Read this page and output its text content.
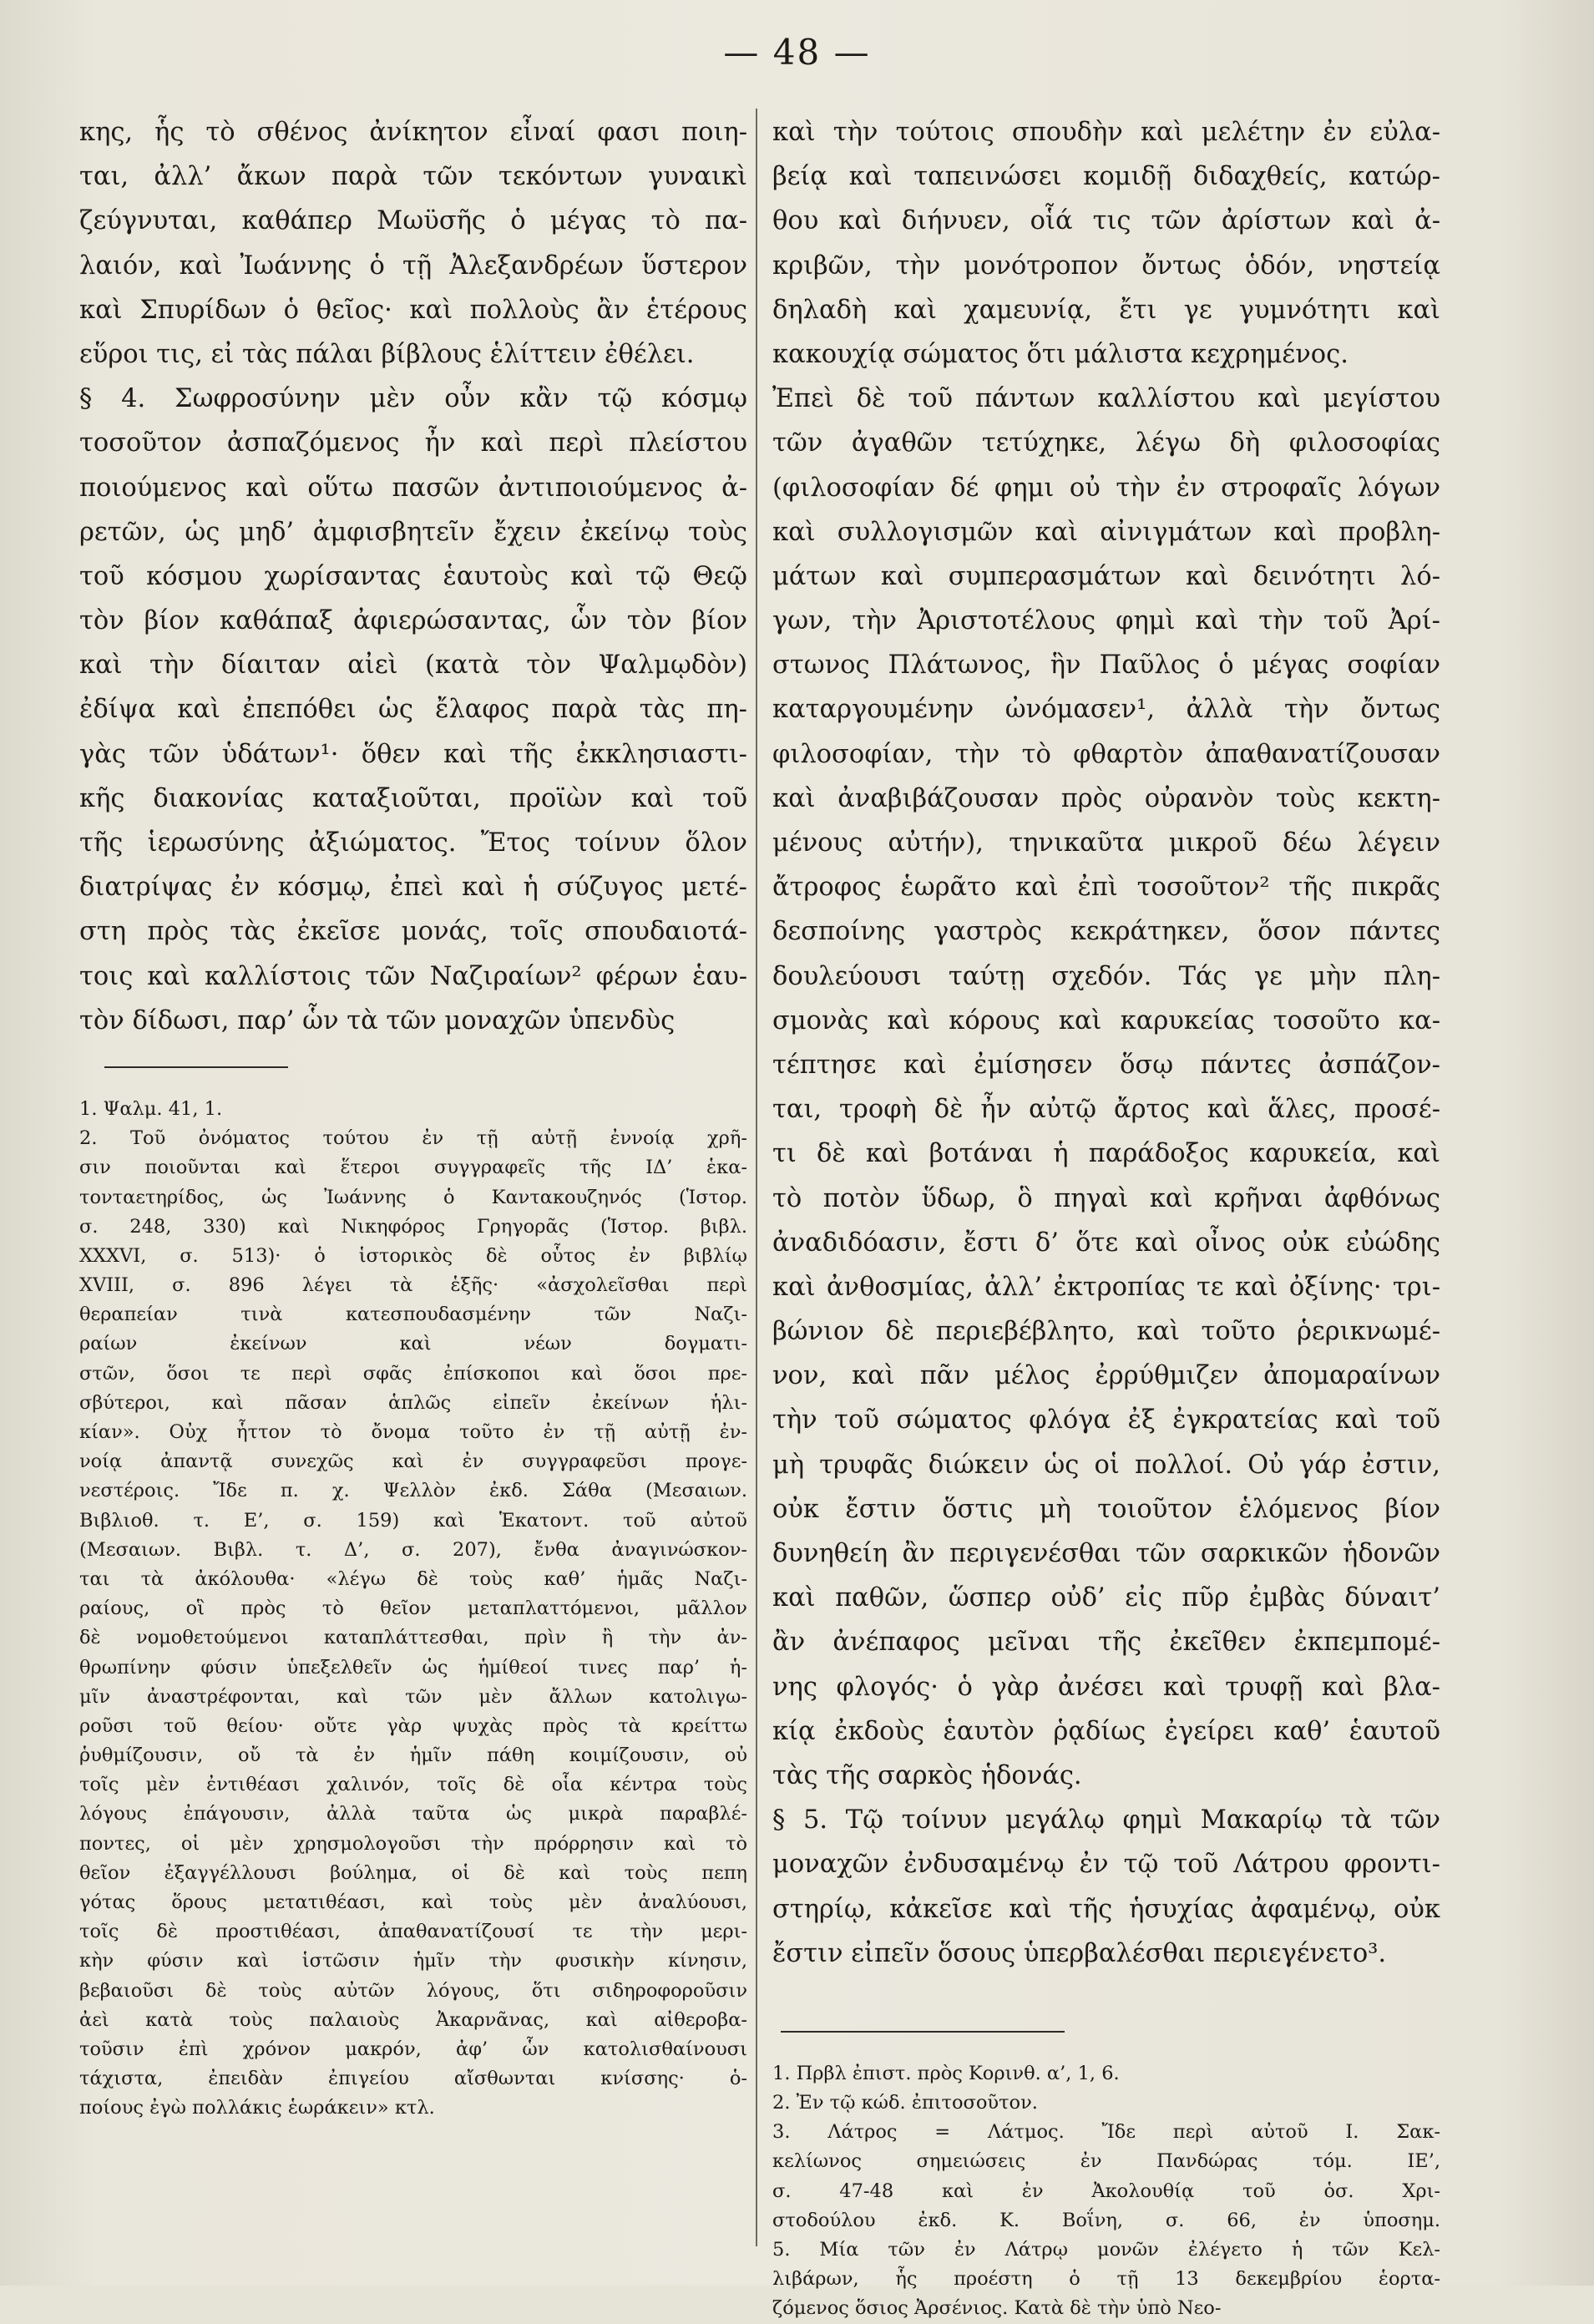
— 48 —
κης, ἧς τὸ σθένος ἀνίκητον εἶναί φασι ποιη-
ται, ἀλλ’ ἄκων παρὰ τῶν τεκόντων γυναικὶ
ζεύγνυται, καθάπερ Μωϋσῆς ὁ μέγας τὸ πα-
λαιόν, καὶ Ἰωάννης ὁ τῇ Ἀλεξανδρέων ὕστερον
καὶ Σπυρίδων ὁ θεῖος· καὶ πολλοὺς ἂν ἑτέρους
εὕροι τις, εἰ τὰς πάλαι βίβλους ἑλίττειν ἐθέλει.
§ 4. Σωφροσύνην μὲν οὖν κἂν τῷ κόσμῳ
τοσοῦτον ἀσπαζόμενος ἦν καὶ περὶ πλείστου
ποιούμενος καὶ οὕτω πασῶν ἀντιποιούμενος ἀ-
ρετῶν, ὡς μηδ’ ἀμφισβητεῖν ἔχειν ἐκείνῳ τοὺς
τοῦ κόσμου χωρίσαντας ἑαυτοὺς καὶ τῷ Θεῷ
τὸν βίον καθάπαξ ἀφιερώσαντας, ὧν τὸν βίον
καὶ τὴν δίαιταν αἰεὶ (κατὰ τὸν Ψαλμῳδὸν)
ἐδίψα καὶ ἐπεπόθει ὡς ἔλαφος παρὰ τὰς πη-
γὰς τῶν ὑδάτων¹· ὅθεν καὶ τῆς ἐκκλησιαστι-
κῆς διακονίας καταξιοῦται, προϊὼν καὶ τοῦ
τῆς ἱερωσύνης ἀξιώματος. Ἔτος τοίνυν ὅλον
διατρίψας ἐν κόσμῳ, ἐπεὶ καὶ ἡ σύζυγος μετέ-
στη πρὸς τὰς ἐκεῖσε μονάς, τοῖς σπουδαιοτά-
τοις καὶ καλλίστοις τῶν Ναζιραίων² φέρων ἑαυ-
τὸν δίδωσι, παρ’ ὧν τὰ τῶν μοναχῶν ὑπενδὺς
1. Ψαλμ. 41, 1.
2. Τοῦ ὀνόματος τούτου ἐν τῇ αὐτῇ ἐννοίᾳ χρῆ-
σιν ποιοῦνται καὶ ἕτεροι συγγραφεῖς τῆς ΙΔ’ ἑκα-
τονταετηρίδος, ὡς Ἰωάννης ὁ Καντακουζηνός (Ἱστορ.
σ. 248, 330) καὶ Νικηφόρος Γρηγορᾶς (Ἱστορ. βιβλ.
XXXVI, σ. 513)· ὁ ἱστορικὸς δὲ οὗτος ἐν βιβλίῳ
XVIII, σ. 896 λέγει τὰ ἑξῆς· «ἀσχολεῖσθαι περὶ
θεραπείαν τινὰ κατεσπουδασμένην τῶν Ναζι-
ραίων ἐκείνων καὶ νέων δογματι-
στῶν, ὅσοι τε περὶ σφᾶς ἐπίσκοποι καὶ ὅσοι πρε-
σβύτεροι, καὶ πᾶσαν ἁπλῶς εἰπεῖν ἐκείνων ἡλι-
κίαν». Οὐχ ἧττον τὸ ὄνομα τοῦτο ἐν τῇ αὐτῇ ἐν-
νοίᾳ ἀπαντᾷ συνεχῶς καὶ ἐν συγγραφεῦσι προγε-
νεστέροις. Ἴδε π. χ. Ψελλὸν ἐκδ. Σάθα (Μεσαιων.
Βιβλιοθ. τ. Ε’, σ. 159) καὶ Ἑκατοντ. τοῦ αὐτοῦ
(Μεσαιων. Βιβλ. τ. Δ’, σ. 207), ἔνθα ἀναγινώσκον-
ται τὰ ἀκόλουθα· «λέγω δὲ τοὺς καθ’ ἡμᾶς Ναζι-
ραίους, οἳ πρὸς τὸ θεῖον μεταπλαττόμενοι, μᾶλλον
δὲ νομοθετούμενοι καταπλάττεσθαι, πρὶν ἢ τὴν ἀν-
θρωπίνην φύσιν ὑπεξελθεῖν ὡς ἡμίθεοί τινες παρ’ ἡ-
μῖν ἀναστρέφονται, καὶ τῶν μὲν ἄλλων κατολιγω-
ροῦσι τοῦ θείου· οὔτε γὰρ ψυχὰς πρὸς τὰ κρείττω
ῥυθμίζουσιν, οὔ τὰ ἐν ἡμῖν πάθη κοιμίζουσιν, οὐ
τοῖς μὲν ἐντιθέασι χαλινόν, τοῖς δὲ οἷα κέντρα τοὺς
λόγους ἐπάγουσιν, ἀλλὰ ταῦτα ὡς μικρὰ παραβλέ-
ποντες, οἱ μὲν χρησμολογοῦσι τὴν πρόρρησιν καὶ τὸ
θεῖον ἐξαγγέλλουσι βούλημα, οἱ δὲ καὶ τοὺς πεπη
γότας ὅρους μετατιθέασι, καὶ τοὺς μὲν ἀναλύουσι,
τοῖς δὲ προστιθέασι, ἀπαθανατίζουσί τε τὴν μερι-
κὴν φύσιν καὶ ἱστῶσιν ἡμῖν τὴν φυσικὴν κίνησιν,
βεβαιοῦσι δὲ τοὺς αὐτῶν λόγους, ὅτι σιδηροφοροῦσιν
ἀεὶ κατὰ τοὺς παλαιοὺς Ἀκαρνᾶνας, καὶ αἰθεροβα-
τοῦσιν ἐπὶ χρόνον μακρόν, ἀφ’ ὧν κατολισθαίνουσι
τάχιστα, ἐπειδὰν ἐπιγείου αἴσθωνται κνίσσης· ὁ-
ποίους ἐγὼ πολλάκις ἑωράκειν» κτλ.
καὶ τὴν τούτοις σπουδὴν καὶ μελέτην ἐν εὐλα-
βείᾳ καὶ ταπεινώσει κομιδῇ διδαχθείς, κατώρ-
θου καὶ διήνυεν, οἷά τις τῶν ἀρίστων καὶ ἀ-
κριβῶν, τὴν μονότροπον ὄντως ὁδόν, νηστείᾳ
δηλαδὴ καὶ χαμευνίᾳ, ἔτι γε γυμνότητι καὶ
κακουχίᾳ σώματος ὅτι μάλιστα κεχρημένος.
Ἐπεὶ δὲ τοῦ πάντων καλλίστου καὶ μεγίστου
τῶν ἀγαθῶν τετύχηκε, λέγω δὴ φιλοσοφίας
(φιλοσοφίαν δέ φημι οὐ τὴν ἐν στροφαῖς λόγων
καὶ συλλογισμῶν καὶ αἰνιγμάτων καὶ προβλη-
μάτων καὶ συμπερασμάτων καὶ δεινότητι λό-
γων, τὴν Ἀριστοτέλους φημὶ καὶ τὴν τοῦ Ἀρί-
στωνος Πλάτωνος, ἣν Παῦλος ὁ μέγας σοφίαν
καταργουμένην ὠνόμασεν¹, ἀλλὰ τὴν ὄντως
φιλοσοφίαν, τὴν τὸ φθαρτὸν ἀπαθανατίζουσαν
καὶ ἀναβιβάζουσαν πρὸς οὐρανὸν τοὺς κεκτη-
μένους αὐτήν), τηνικαῦτα μικροῦ δέω λέγειν
ἄτροφος ἑωρᾶτο καὶ ἐπὶ τοσοῦτον² τῆς πικρᾶς
δεσποίνης γαστρὸς κεκράτηκεν, ὅσον πάντες
δουλεύουσι ταύτῃ σχεδόν. Τάς γε μὴν πλη-
σμονὰς καὶ κόρους καὶ καρυκείας τοσοῦτο κα-
τέπτησε καὶ ἐμίσησεν ὅσῳ πάντες ἀσπάζον-
ται, τροφὴ δὲ ἦν αὐτῷ ἄρτος καὶ ἅλες, προσέ-
τι δὲ καὶ βοτάναι ἡ παράδοξος καρυκεία, καὶ
τὸ ποτὸν ὕδωρ, ὃ πηγαὶ καὶ κρῆναι ἀφθόνως
ἀναδιδόασιν, ἔστι δ’ ὅτε καὶ οἶνος οὐκ εὐώδης
καὶ ἀνθοσμίας, ἀλλ’ ἐκτροπίας τε καὶ ὀξίνης· τρι-
βώνιον δὲ περιεβέβλητο, καὶ τοῦτο ῥερικνωμέ-
νον, καὶ πᾶν μέλος ἐρρύθμιζεν ἀπομαραίνων
τὴν τοῦ σώματος φλόγα ἐξ ἐγκρατείας καὶ τοῦ
μὴ τρυφᾶς διώκειν ὡς οἱ πολλοί. Οὐ γάρ ἐστιν,
οὐκ ἔστιν ὅστις μὴ τοιοῦτον ἑλόμενος βίον
δυνηθείη ἂν περιγενέσθαι τῶν σαρκικῶν ἡδονῶν
καὶ παθῶν, ὥσπερ οὐδ’ εἰς πῦρ ἐμβὰς δύναιτ’
ἂν ἀνέπαφος μεῖναι τῆς ἐκεῖθεν ἐκπεμπομέ-
νης φλογός· ὁ γὰρ ἀνέσει καὶ τρυφῇ καὶ βλα-
κίᾳ ἐκδοὺς ἑαυτὸν ῥᾳδίως ἐγείρει καθ’ ἑαυτοῦ
τὰς τῆς σαρκὸς ἡδονάς.
§ 5. Τῷ τοίνυν μεγάλῳ φημὶ Μακαρίῳ τὰ τῶν
μοναχῶν ἐνδυσαμένῳ ἐν τῷ τοῦ Λάτρου φροντι-
στηρίῳ, κἀκεῖσε καὶ τῆς ἡσυχίας ἀφαμένῳ, οὐκ
ἔστιν εἰπεῖν ὅσους ὑπερβαλέσθαι περιεγένετο³.
1. Πρβλ ἐπιστ. πρὸς Κορινθ. α’, 1, 6.
2. Ἐν τῷ κώδ. ἐπιτοσοῦτον.
3. Λάτρος = Λάτμος. Ἴδε περὶ αὐτοῦ Ι. Σακ-
κελίωνος σημειώσεις ἐν Πανδώρας τόμ. ΙΕ’,
σ. 47-48 καὶ ἐν Ἀκολουθίᾳ τοῦ ὁσ. Χρι-
στοδούλου ἐκδ. Κ. Βοΐνη, σ. 66, ἐν ὑποσημ.
5. Μία τῶν ἐν Λάτρῳ μονῶν ἐλέγετο ἡ τῶν Κελ-
λιβάρων, ἧς προέστη ὁ τῇ 13 δεκεμβρίου ἑορτα-
ζόμενος ὅσιος Ἀρσένιος. Κατὰ δὲ τὴν ὑπὸ Νεο-
